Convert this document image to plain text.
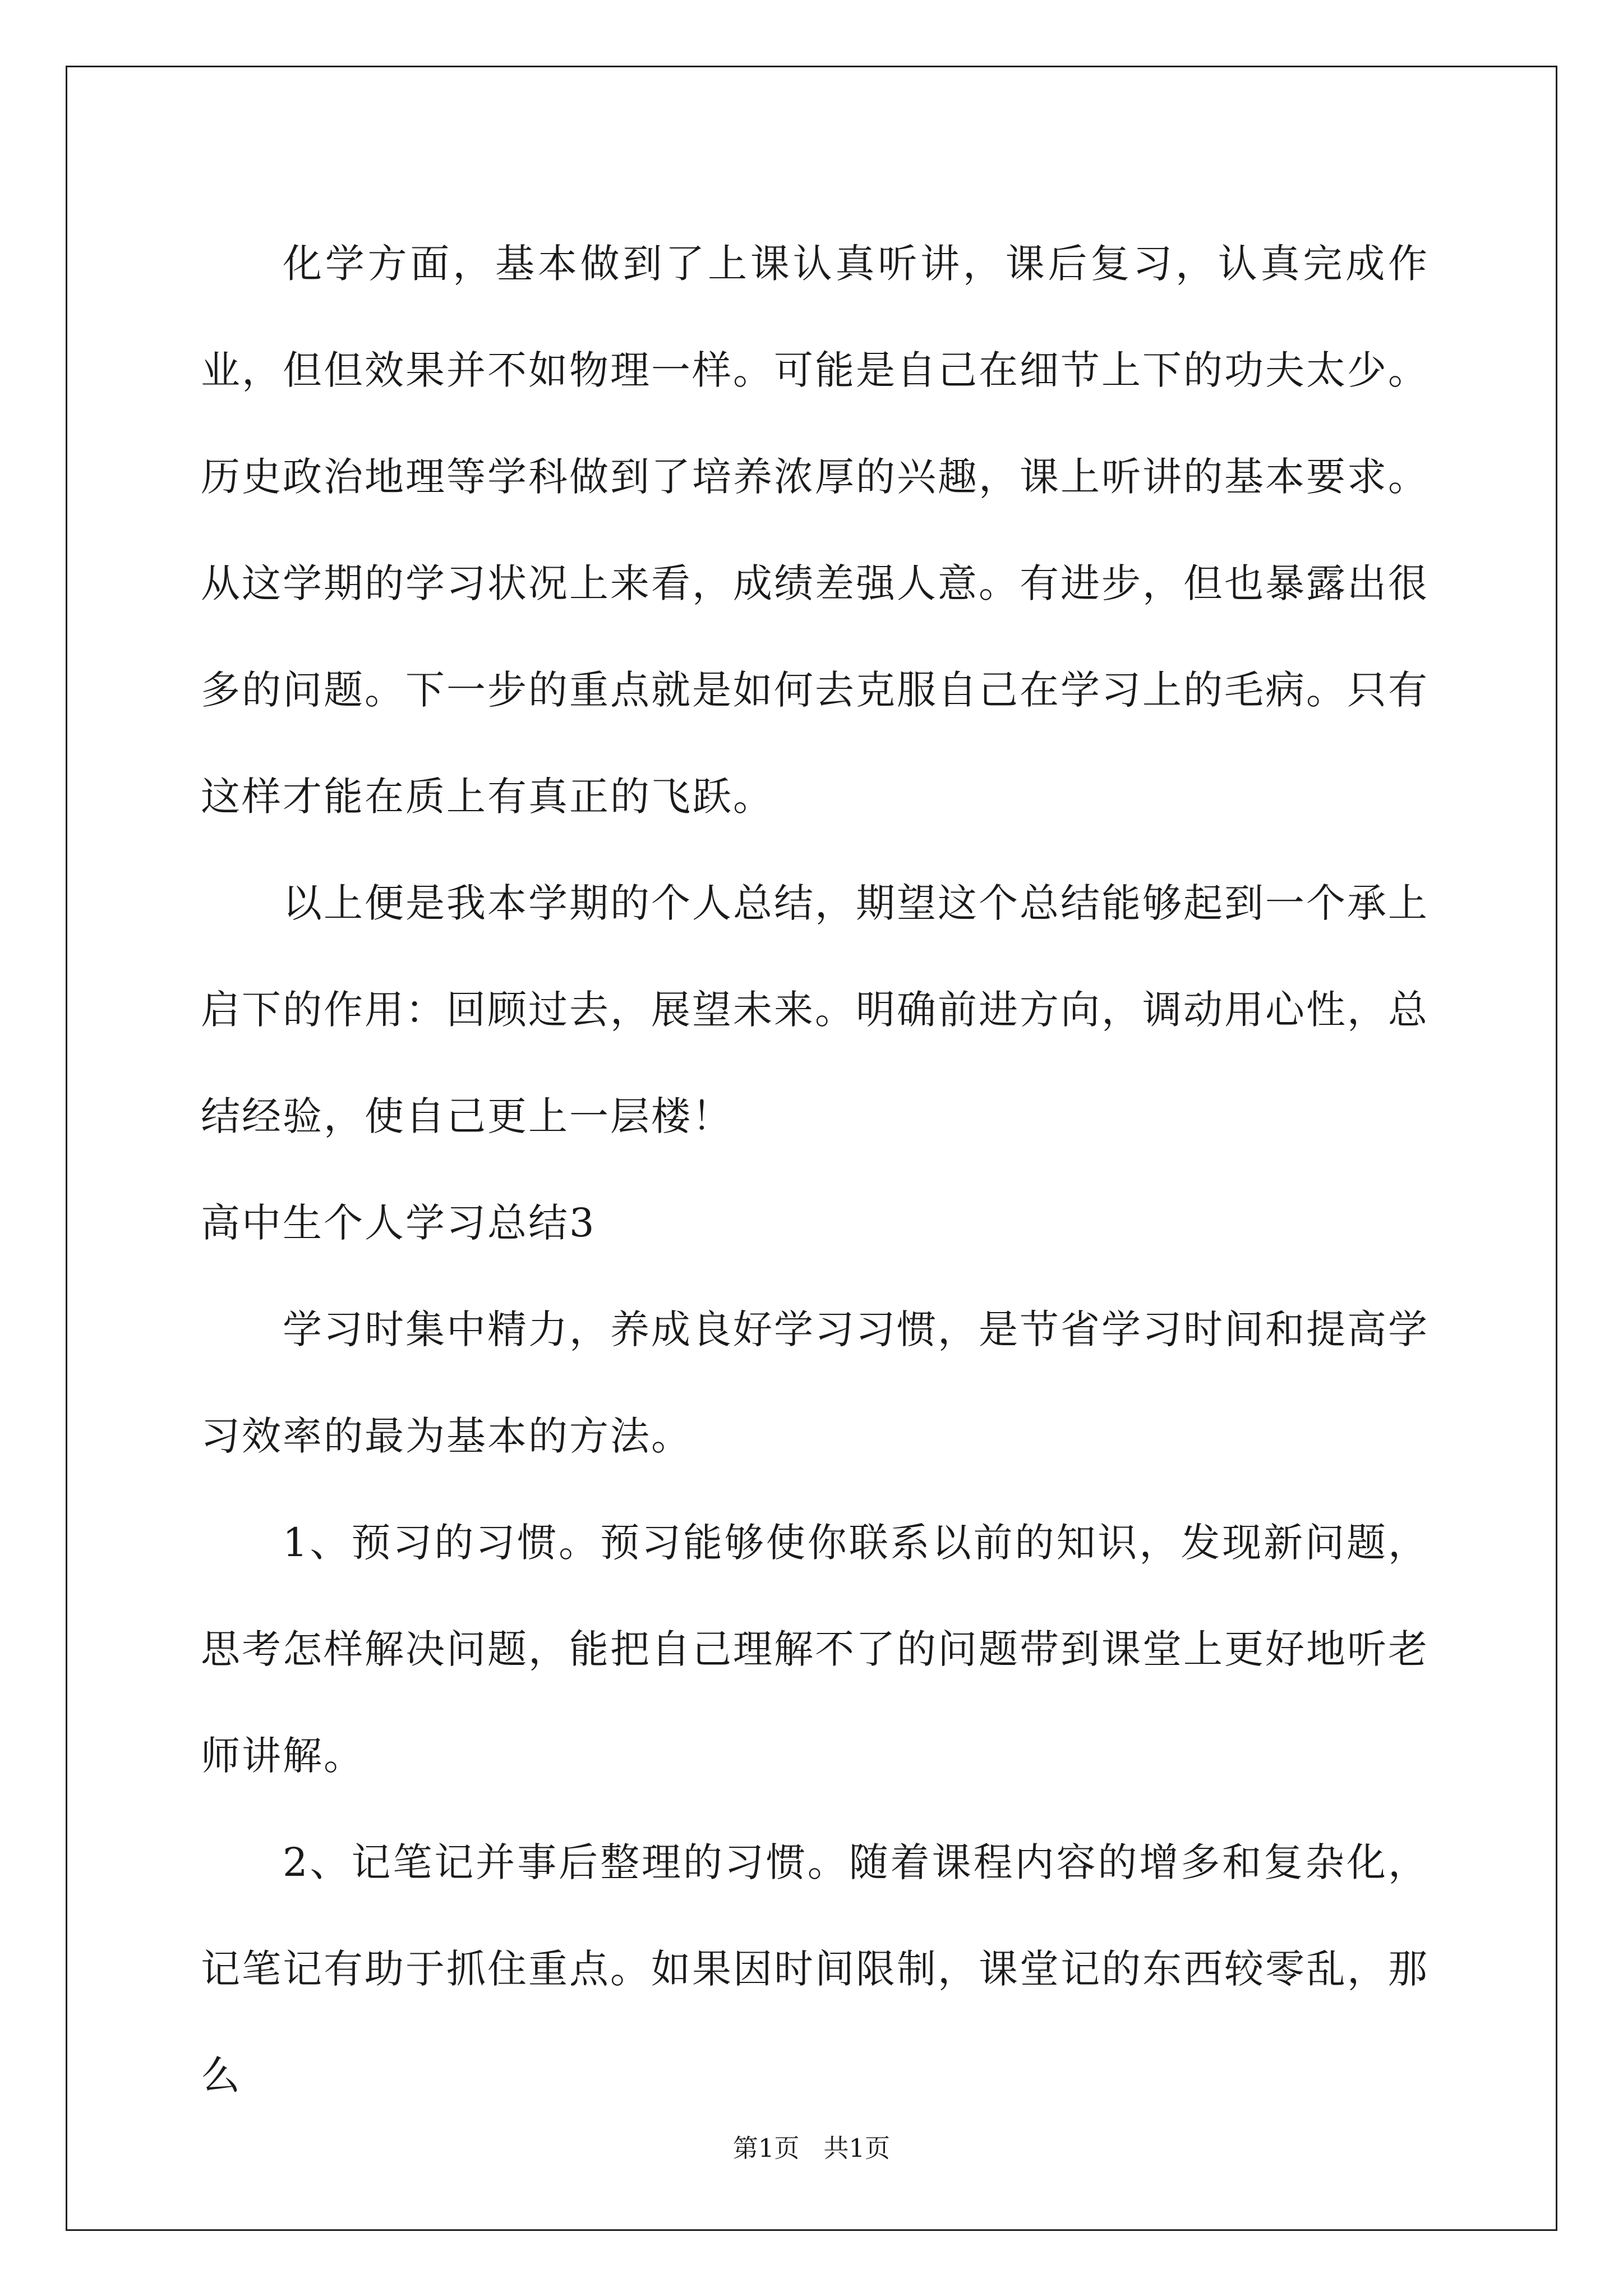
化学方面，基本做到了上课认真听讲，课后复习，认真完成作业，但但效果并不如物理一样。可能是自己在细节上下的功夫太少。历史政治地理等学科做到了培养浓厚的兴趣，课上听讲的基本要求。从这学期的学习状况上来看，成绩差强人意。有进步，但也暴露出很多的问题。下一步的重点就是如何去克服自己在学习上的毛病。只有这样才能在质上有真正的飞跃。

以上便是我本学期的个人总结，期望这个总结能够起到一个承上启下的作用：回顾过去，展望未来。明确前进方向，调动用心性，总结经验，使自己更上一层楼！

高中生个人学习总结3

学习时集中精力，养成良好学习习惯，是节省学习时间和提高学习效率的最为基本的方法。

1、预习的习惯。预习能够使你联系以前的知识，发现新问题，思考怎样解决问题，能把自己理解不了的问题带到课堂上更好地听老师讲解。

2、记笔记并事后整理的习惯。随着课程内容的增多和复杂化，记笔记有助于抓住重点。如果因时间限制，课堂记的东西较零乱，那么

第1页 共1页
